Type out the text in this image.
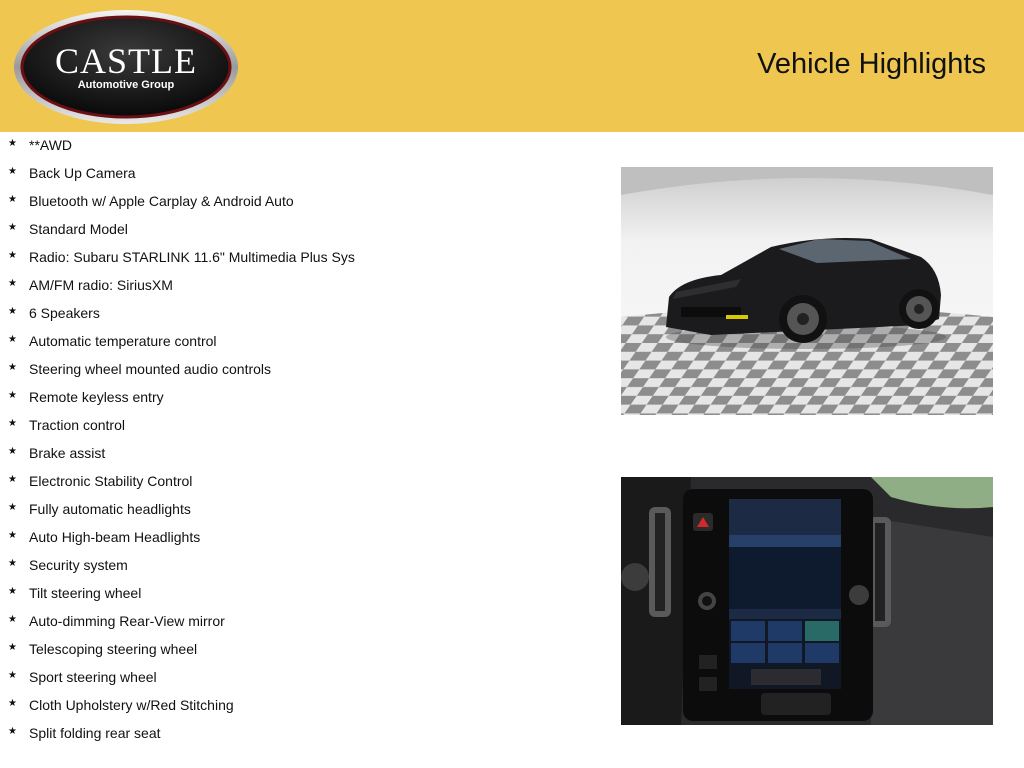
CASTLE
Automotive Group
Vehicle Highlights
★ **AWD
★ Back Up Camera
★ Bluetooth w/ Apple Carplay & Android Auto
★ Standard Model
★ Radio: Subaru STARLINK 11.6" Multimedia Plus Sys
★ AM/FM radio: SiriusXM
★ 6 Speakers
★ Automatic temperature control
★ Steering wheel mounted audio controls
★ Remote keyless entry
★ Traction control
★ Brake assist
★ Electronic Stability Control
★ Fully automatic headlights
★ Auto High-beam Headlights
★ Security system
★ Tilt steering wheel
★ Auto-dimming Rear-View mirror
★ Telescoping steering wheel
★ Sport steering wheel
★ Cloth Upholstery w/Red Stitching
★ Split folding rear seat
